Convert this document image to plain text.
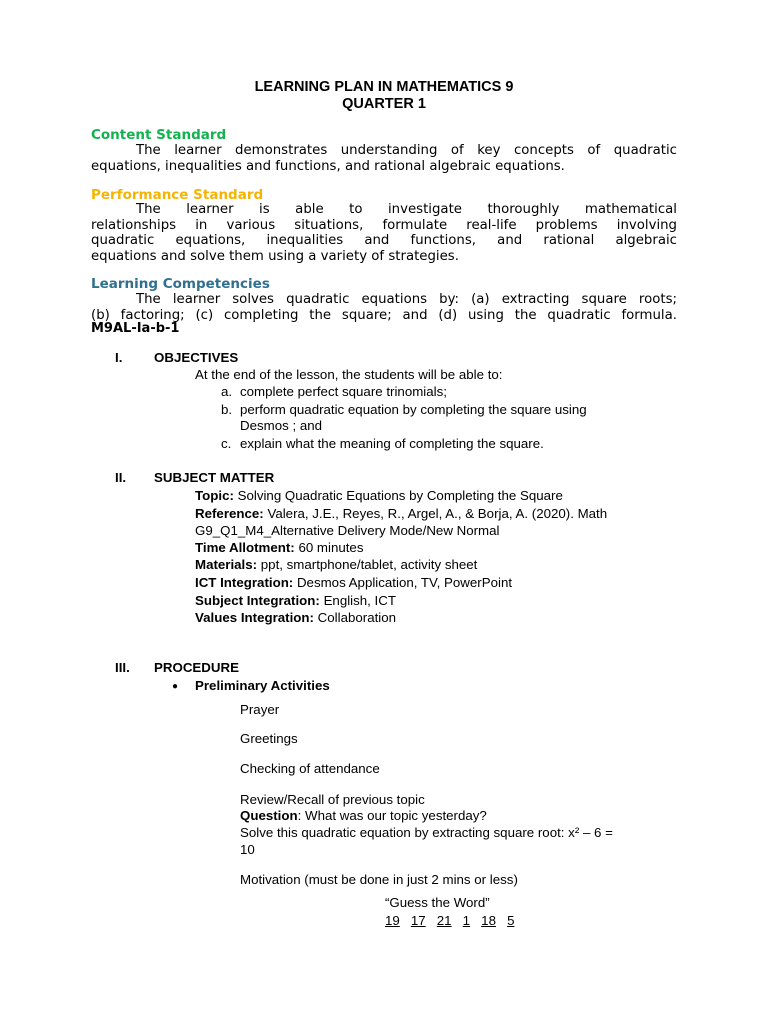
LEARNING PLAN IN MATHEMATICS 9
QUARTER 1
Content Standard
The learner demonstrates understanding of key concepts of quadratic
equations, inequalities and functions, and rational algebraic equations.
Performance Standard
The learner is able to investigate thoroughly mathematical
relationships in various situations, formulate real-life problems involving
quadratic equations, inequalities and functions, and rational algebraic
equations and solve them using a variety of strategies.
Learning Competencies
The learner solves quadratic equations by: (a) extracting square roots;
(b) factoring; (c) completing the square; and (d) using the quadratic formula.
M9AL-Ia-b-1
I. OBJECTIVES
At the end of the lesson, the students will be able to:
a. complete perfect square trinomials;
b. perform quadratic equation by completing the square using
Desmos ; and
c. explain what the meaning of completing the square.
II. SUBJECT MATTER
Topic: Solving Quadratic Equations by Completing the Square
Reference: Valera, J.E., Reyes, R., Argel, A., & Borja, A. (2020). Math
G9_Q1_M4_Alternative Delivery Mode/New Normal
Time Allotment: 60 minutes
Materials: ppt, smartphone/tablet, activity sheet
ICT Integration: Desmos Application, TV, PowerPoint
Subject Integration: English, ICT
Values Integration: Collaboration
III. PROCEDURE
● Preliminary Activities
Prayer
Greetings
Checking of attendance
Review/Recall of previous topic
Question: What was our topic yesterday?
Solve this quadratic equation by extracting square root: x² – 6 =
10
Motivation (must be done in just 2 mins or less)
“Guess the Word”
19 17 21 1 18 5
